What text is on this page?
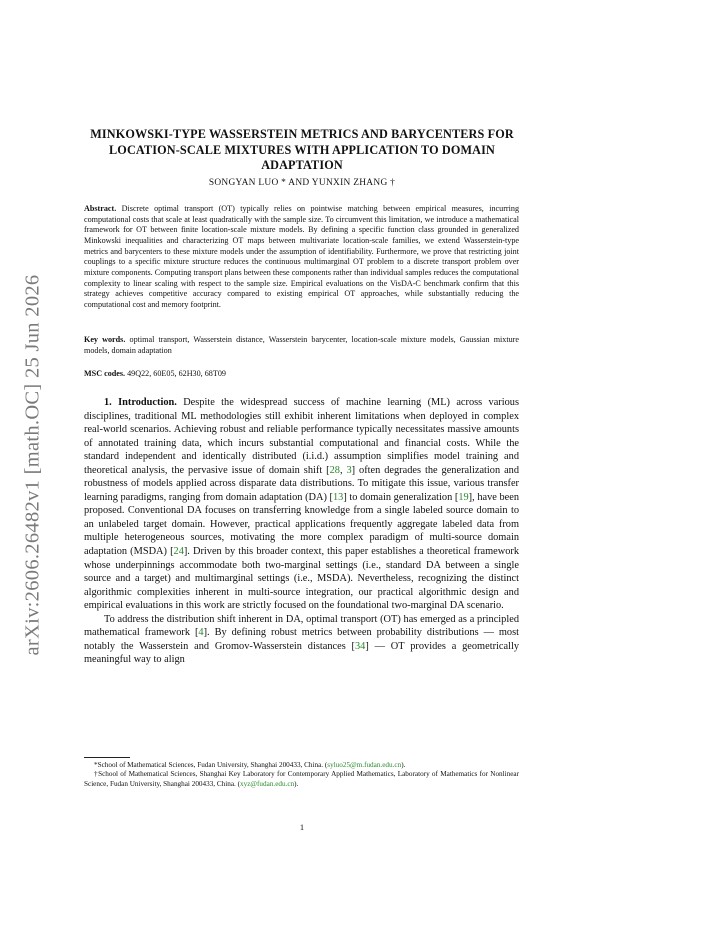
arXiv:2606.26482v1 [math.OC] 25 Jun 2026
MINKOWSKI-TYPE WASSERSTEIN METRICS AND BARYCENTERS FOR LOCATION-SCALE MIXTURES WITH APPLICATION TO DOMAIN ADAPTATION
SONGYAN LUO * AND YUNXIN ZHANG †
Abstract. Discrete optimal transport (OT) typically relies on pointwise matching between empirical measures, incurring computational costs that scale at least quadratically with the sample size. To circumvent this limitation, we introduce a mathematical framework for OT between finite location-scale mixture models. By defining a specific function class grounded in generalized Minkowski inequalities and characterizing OT maps between multivariate location-scale families, we extend Wasserstein-type metrics and barycenters to these mixture models under the assumption of identifiability. Furthermore, we prove that restricting joint couplings to a specific mixture structure reduces the continuous multimarginal OT problem to a discrete transport problem over mixture components. Computing transport plans between these components rather than individual samples reduces the computational complexity to linear scaling with respect to the sample size. Empirical evaluations on the VisDA-C benchmark confirm that this strategy achieves competitive accuracy compared to existing empirical OT approaches, while substantially reducing the computational cost and memory footprint.
Key words. optimal transport, Wasserstein distance, Wasserstein barycenter, location-scale mixture models, Gaussian mixture models, domain adaptation
MSC codes. 49Q22, 60E05, 62H30, 68T09

1. Introduction. Despite the widespread success of machine learning (ML) across various disciplines, traditional ML methodologies still exhibit inherent limitations when deployed in complex real-world scenarios. Achieving robust and reliable performance typically necessitates massive amounts of annotated training data, which incurs substantial computational and financial costs. While the standard independent and identically distributed (i.i.d.) assumption simplifies model training and theoretical analysis, the pervasive issue of domain shift [28, 3] often degrades the generalization and robustness of models applied across disparate data distributions. To mitigate this issue, various transfer learning paradigms, ranging from domain adaptation (DA) [13] to domain generalization [19], have been proposed. Conventional DA focuses on transferring knowledge from a single labeled source domain to an unlabeled target domain. However, practical applications frequently aggregate labeled data from multiple heterogeneous sources, motivating the more complex paradigm of multi-source domain adaptation (MSDA) [24]. Driven by this broader context, this paper establishes a theoretical framework whose underpinnings accommodate both two-marginal settings (i.e., standard DA between a single source and a target) and multimarginal settings (i.e., MSDA). Nevertheless, recognizing the distinct algorithmic complexities inherent in multi-source integration, our practical algorithmic design and empirical evaluations in this work are strictly focused on the foundational two-marginal DA scenario.

To address the distribution shift inherent in DA, optimal transport (OT) has emerged as a principled mathematical framework [4]. By defining robust metrics between probability distributions — most notably the Wasserstein and Gromov-Wasserstein distances [34] — OT provides a geometrically meaningful way to align

*School of Mathematical Sciences, Fudan University, Shanghai 200433, China. (syluo25@m.fudan.edu.cn).

†School of Mathematical Sciences, Shanghai Key Laboratory for Contemporary Applied Mathematics, Laboratory of Mathematics for Nonlinear Science, Fudan University, Shanghai 200433, China. (xyz@fudan.edu.cn).

1
